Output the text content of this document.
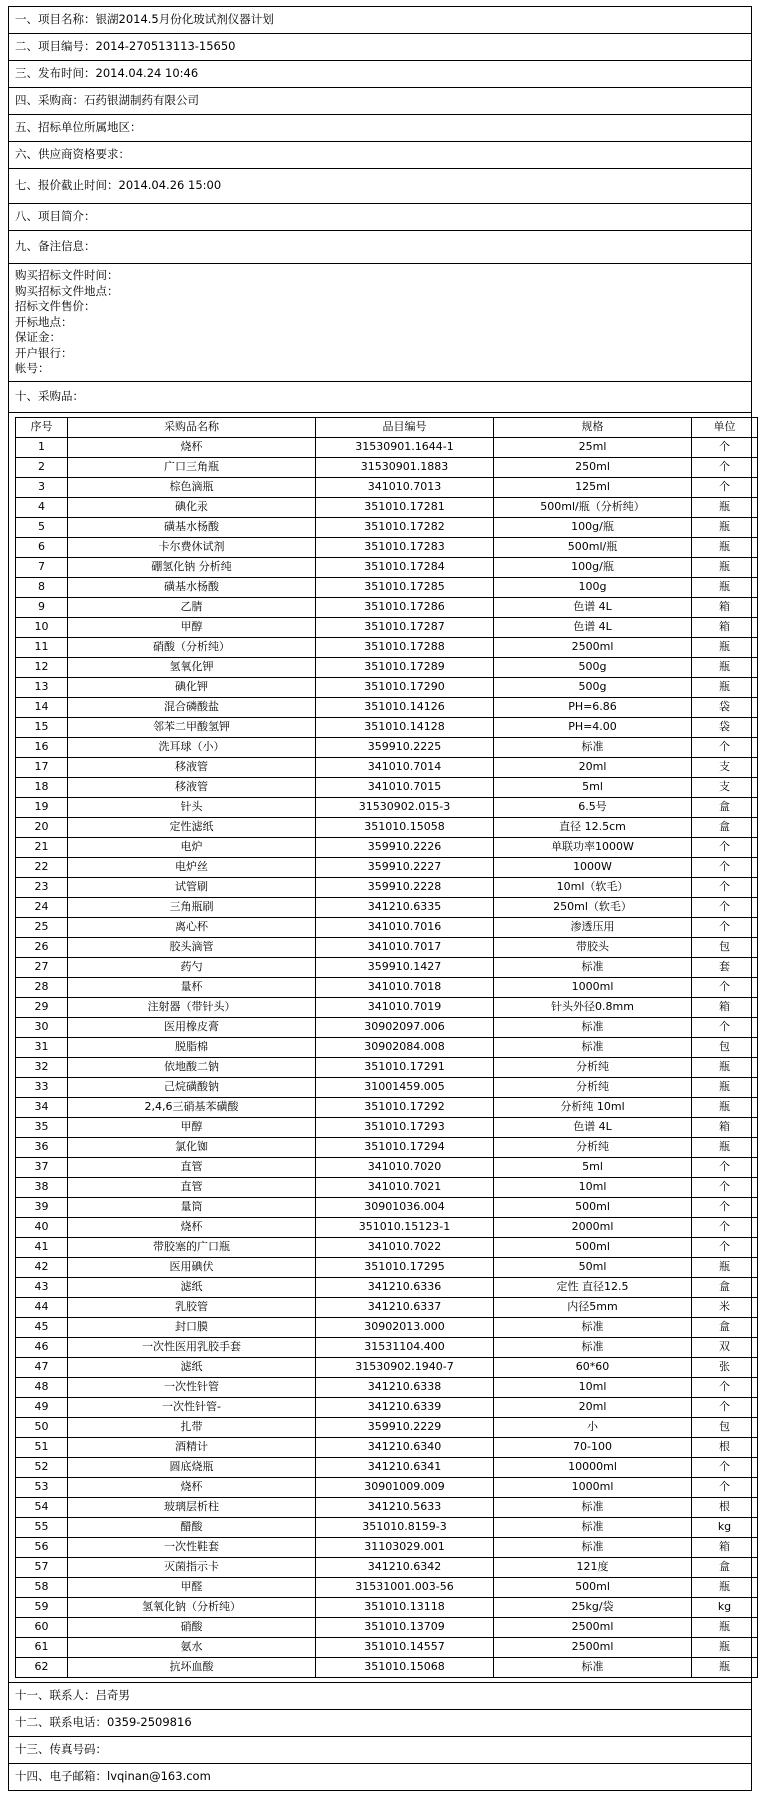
一、项目名称：银湖2014.5月份化玻试剂仪器计划
二、项目编号：2014-270513113-15650
三、发布时间：2014.04.24 10:46
四、采购商：石药银湖制药有限公司
五、招标单位所属地区：
六、供应商资格要求：
七、报价截止时间：2014.04.26 15:00
八、项目简介：
九、备注信息：

购买招标文件时间：
购买招标文件地点：
招标文件售价：
开标地点：
保证金：
开户银行：
帐号：

十、采购品：

序号	采购品名称	品目编号	规格	单位
1	烧杯	31530901.1644-1	25ml	个
2	广口三角瓶	31530901.1883	250ml	个
3	棕色滴瓶	341010.7013	125ml	个
4	碘化汞	351010.17281	500ml/瓶（分析纯）	瓶
5	磺基水杨酸	351010.17282	100g/瓶	瓶
6	卡尔费休试剂	351010.17283	500ml/瓶	瓶
7	硼氢化钠 分析纯	351010.17284	100g/瓶	瓶
8	磺基水杨酸	351010.17285	100g	瓶
9	乙腈	351010.17286	色谱 4L	箱
10	甲醇	351010.17287	色谱 4L	箱
11	硝酸（分析纯）	351010.17288	2500ml	瓶
12	氢氧化钾	351010.17289	500g	瓶
13	碘化钾	351010.17290	500g	瓶
14	混合磷酸盐	351010.14126	PH=6.86	袋
15	邻苯二甲酸氢钾	351010.14128	PH=4.00	袋
16	洗耳球（小）	359910.2225	标准	个
17	移液管	341010.7014	20ml	支
18	移液管	341010.7015	5ml	支
19	针头	31530902.015-3	6.5号	盒
20	定性滤纸	351010.15058	直径 12.5cm	盒
21	电炉	359910.2226	单联功率1000W	个
22	电炉丝	359910.2227	1000W	个
23	试管刷	359910.2228	10ml（软毛）	个
24	三角瓶刷	341210.6335	250ml（软毛）	个
25	离心杯	341010.7016	渗透压用	个
26	胶头滴管	341010.7017	带胶头	包
27	药勺	359910.1427	标准	套
28	量杯	341010.7018	1000ml	个
29	注射器（带针头）	341010.7019	针头外径0.8mm	箱
30	医用橡皮膏	30902097.006	标准	个
31	脱脂棉	30902084.008	标准	包
32	依地酸二钠	351010.17291	分析纯	瓶
33	己烷磺酸钠	31001459.005	分析纯	瓶
34	2,4,6三硝基苯磺酸	351010.17292	分析纯 10ml	瓶
35	甲醇	351010.17293	色谱 4L	箱
36	氯化铷	351010.17294	分析纯	瓶
37	直管	341010.7020	5ml	个
38	直管	341010.7021	10ml	个
39	量筒	30901036.004	500ml	个
40	烧杯	351010.15123-1	2000ml	个
41	带胶塞的广口瓶	341010.7022	500ml	个
42	医用碘伏	351010.17295	50ml	瓶
43	滤纸	341210.6336	定性 直径12.5	盒
44	乳胶管	341210.6337	内径5mm	米
45	封口膜	30902013.000	标准	盒
46	一次性医用乳胶手套	31531104.400	标准	双
47	滤纸	31530902.1940-7	60*60	张
48	一次性针管	341210.6338	10ml	个
49	一次性针管-	341210.6339	20ml	个
50	扎带	359910.2229	小	包
51	酒精计	341210.6340	70-100	根
52	圆底烧瓶	341210.6341	10000ml	个
53	烧杯	30901009.009	1000ml	个
54	玻璃层析柱	341210.5633	标准	根
55	醋酸	351010.8159-3	标准	kg
56	一次性鞋套	31103029.001	标准	箱
57	灭菌指示卡	341210.6342	121度	盒
58	甲醛	31531001.003-56	500ml	瓶
59	氢氧化钠（分析纯）	351010.13118	25kg/袋	kg
60	硝酸	351010.13709	2500ml	瓶
61	氨水	351010.14557	2500ml	瓶
62	抗坏血酸	351010.15068	标准	瓶

十一、联系人：吕奇男
十二、联系电话：0359-2509816
十三、传真号码：
十四、电子邮箱：lvqinan@163.com
